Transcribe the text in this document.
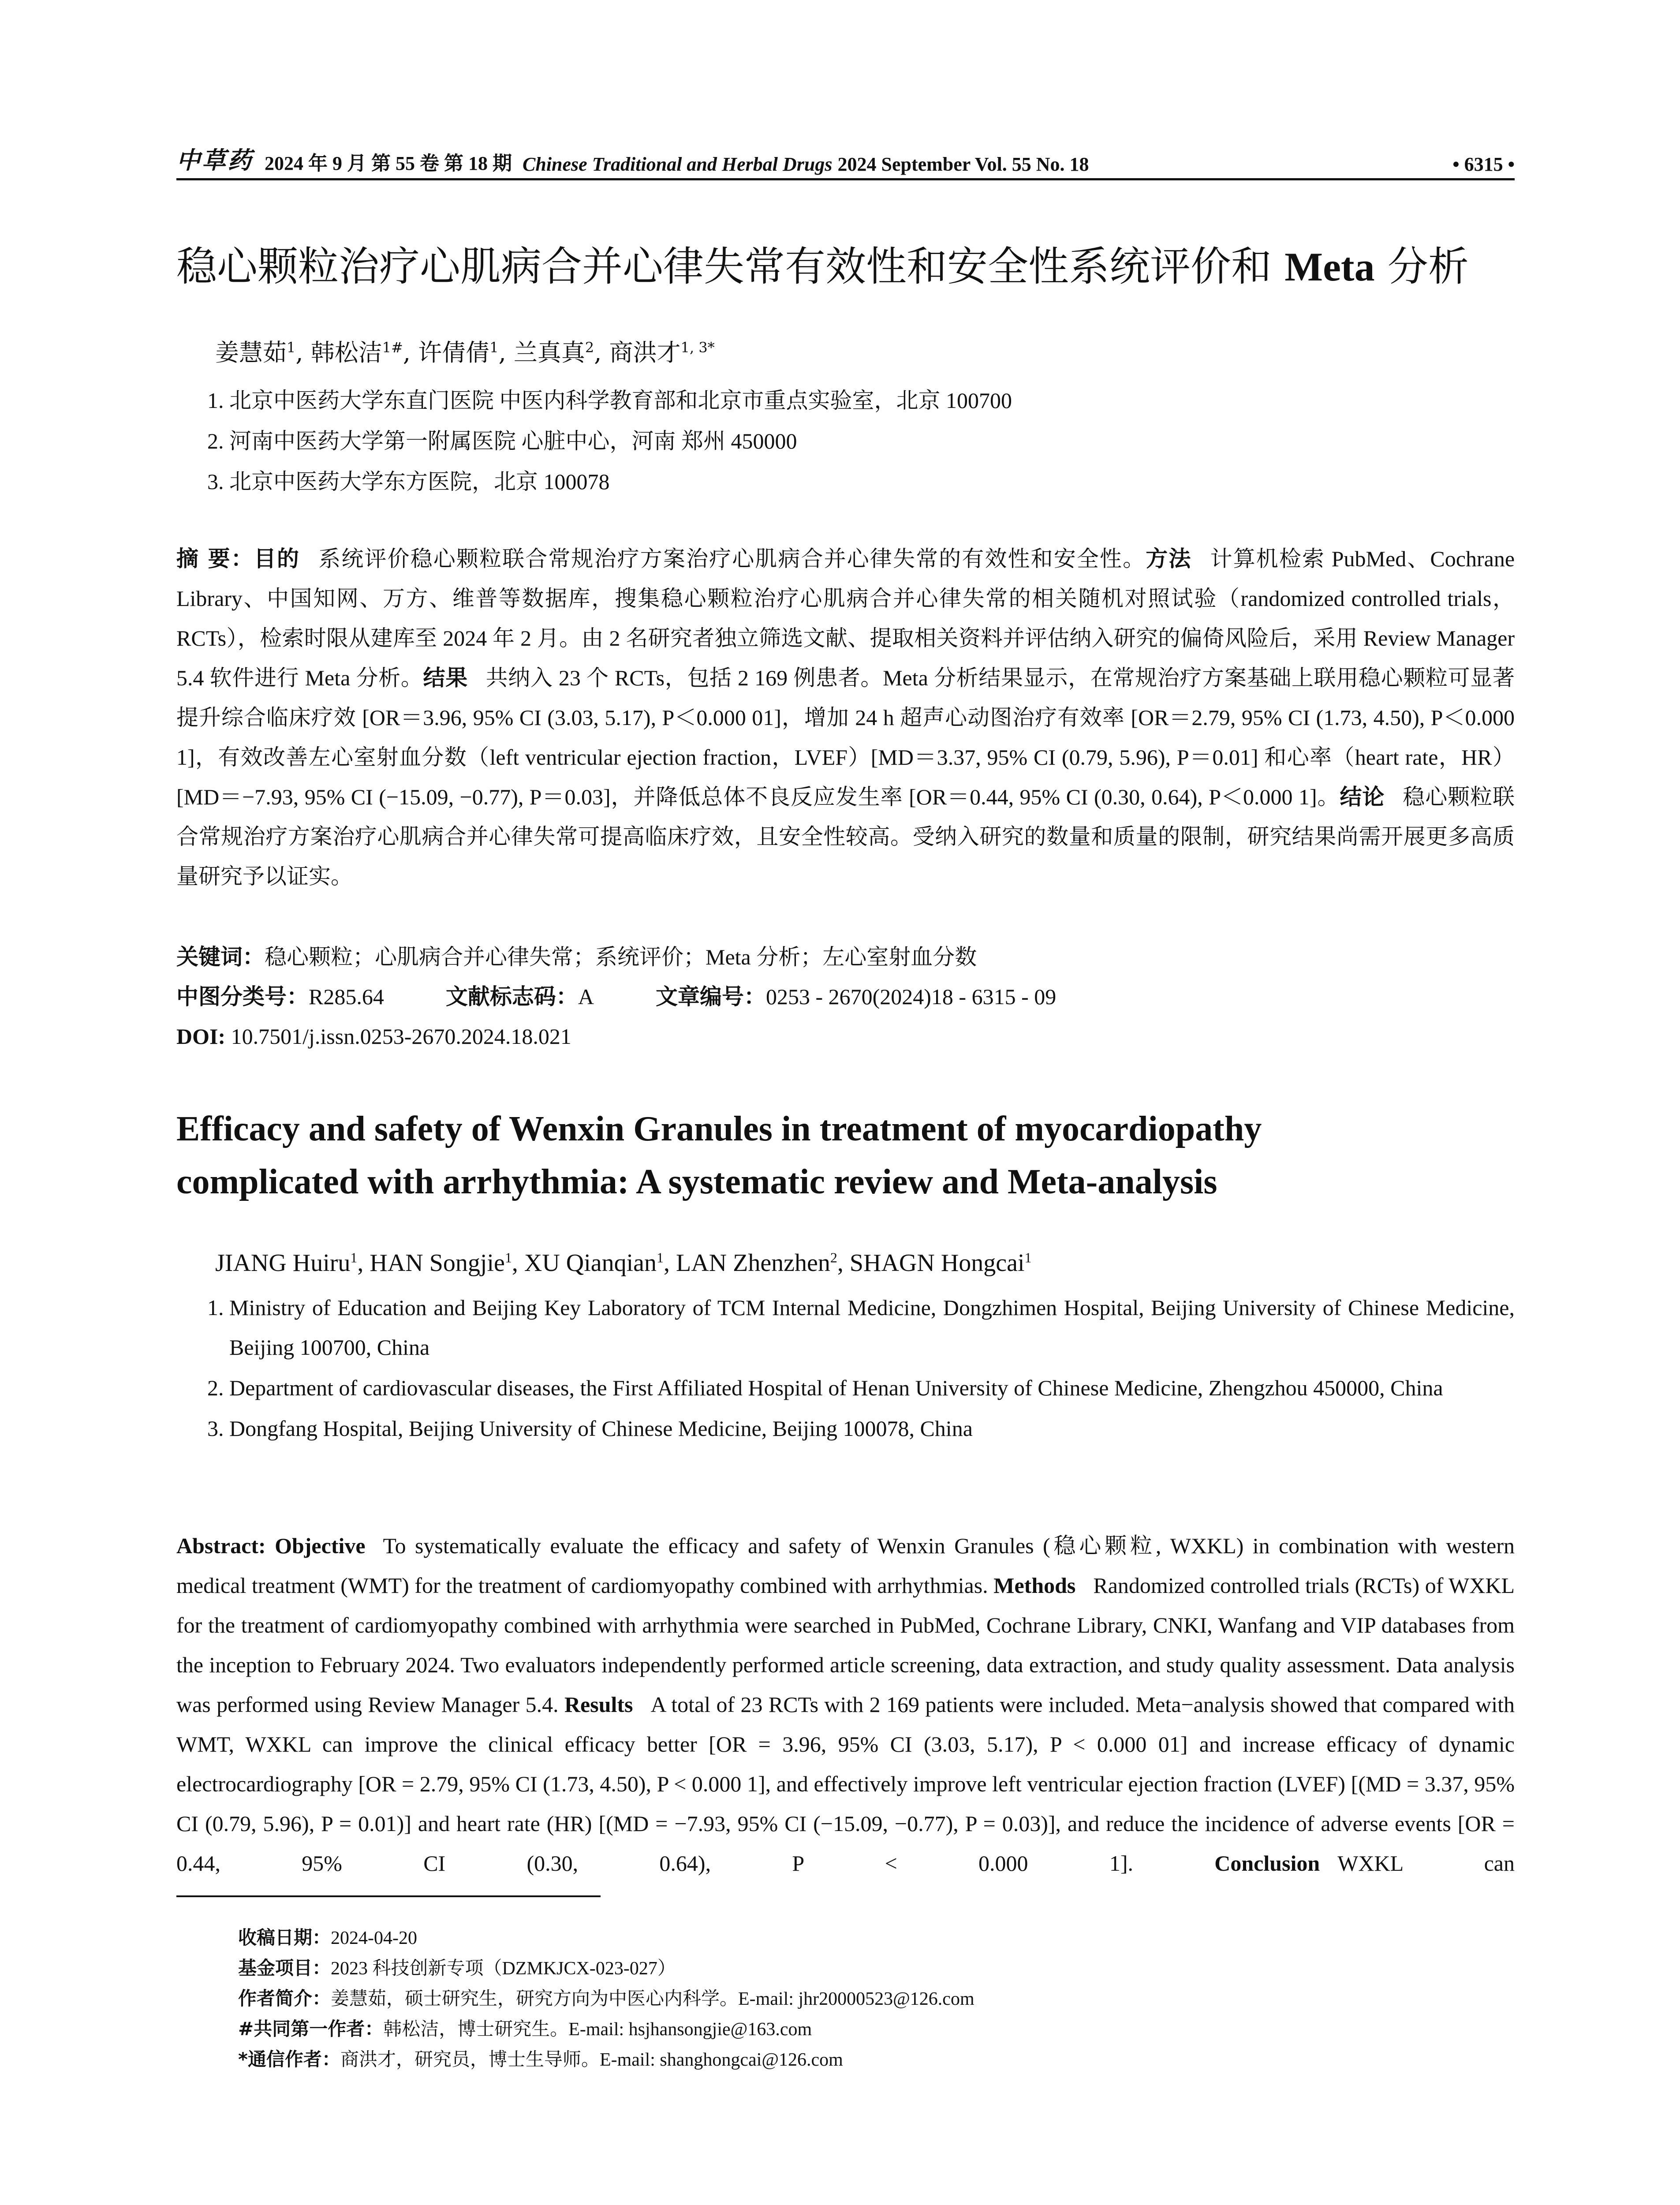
中草药 2024 年 9 月 第 55 卷 第 18 期 Chinese Traditional and Herbal Drugs 2024 September Vol. 55 No. 18	• 6315 •
稳心颗粒治疗心肌病合并心律失常有效性和安全性系统评价和 Meta 分析
姜慧茹$^1$, 韩松洁$^{1\#}$, 许倩倩$^1$, 兰真真$^2$, 商洪才$^{1, 3*}$
1. 北京中医药大学东直门医院 中医内科学教育部和北京市重点实验室，北京 100700
2. 河南中医药大学第一附属医院 心脏中心，河南 郑州 450000
3. 北京中医药大学东方医院，北京 100078
摘 要：目的 系统评价稳心颗粒联合常规治疗方案治疗心肌病合并心律失常的有效性和安全性。方法 计算机检索 PubMed、Cochrane Library、中国知网、万方、维普等数据库，搜集稳心颗粒治疗心肌病合并心律失常的相关随机对照试验（randomized controlled trials，RCTs），检索时限从建库至 2024 年 2 月。由 2 名研究者独立筛选文献、提取相关资料并评估纳入研究的偏倚风险后，采用 Review Manager 5.4 软件进行 Meta 分析。结果 共纳入 23 个 RCTs，包括 2 169 例患者。Meta 分析结果显示，在常规治疗方案基础上联用稳心颗粒可显著提升综合临床疗效 [OR＝3.96, 95% CI (3.03, 5.17), P＜0.000 01]，增加 24 h 超声心动图治疗有效率 [OR＝2.79, 95% CI (1.73, 4.50), P＜0.000 1]，有效改善左心室射血分数（left ventricular ejection fraction，LVEF）[MD＝3.37, 95% CI (0.79, 5.96), P＝0.01] 和心率（heart rate，HR）[MD＝−7.93, 95% CI (−15.09, −0.77), P＝0.03]，并降低总体不良反应发生率 [OR＝0.44, 95% CI (0.30, 0.64), P＜0.000 1]。结论 稳心颗粒联合常规治疗方案治疗心肌病合并心律失常可提高临床疗效，且安全性较高。受纳入研究的数量和质量的限制，研究结果尚需开展更多高质量研究予以证实。
关键词：稳心颗粒；心肌病合并心律失常；系统评价；Meta 分析；左心室射血分数
中图分类号：R285.64	文献标志码：A	文章编号：0253 - 2670(2024)18 - 6315 - 09
DOI: 10.7501/j.issn.0253-2670.2024.18.021
Efficacy and safety of Wenxin Granules in treatment of myocardiopathy
complicated with arrhythmia: A systematic review and Meta-analysis
JIANG Huiru$^1$, HAN Songjie$^1$, XU Qianqian$^1$, LAN Zhenzhen$^2$, SHAGN Hongcai$^1$
1. Ministry of Education and Beijing Key Laboratory of TCM Internal Medicine, Dongzhimen Hospital, Beijing University of Chinese Medicine, Beijing 100700, China
2. Department of cardiovascular diseases, the First Affiliated Hospital of Henan University of Chinese Medicine, Zhengzhou 450000, China
3. Dongfang Hospital, Beijing University of Chinese Medicine, Beijing 100078, China
Abstract: Objective To systematically evaluate the efficacy and safety of Wenxin Granules (稳心颗粒, WXKL) in combination with western medical treatment (WMT) for the treatment of cardiomyopathy combined with arrhythmias. Methods Randomized controlled trials (RCTs) of WXKL for the treatment of cardiomyopathy combined with arrhythmia were searched in PubMed, Cochrane Library, CNKI, Wanfang and VIP databases from the inception to February 2024. Two evaluators independently performed article screening, data extraction, and study quality assessment. Data analysis was performed using Review Manager 5.4. Results A total of 23 RCTs with 2 169 patients were included. Meta−analysis showed that compared with WMT, WXKL can improve the clinical efficacy better [OR = 3.96, 95% CI (3.03, 5.17), P < 0.000 01] and increase efficacy of dynamic electrocardiography [OR = 2.79, 95% CI (1.73, 4.50), P < 0.000 1], and effectively improve left ventricular ejection fraction (LVEF) [(MD = 3.37, 95% CI (0.79, 5.96), P = 0.01)] and heart rate (HR) [(MD = −7.93, 95% CI (−15.09, −0.77), P = 0.03)], and reduce the incidence of adverse events [OR = 0.44, 95% CI (0.30, 0.64), P < 0.000 1].	Conclusion WXKL can
收稿日期：2024-04-20
基金项目：2023 科技创新专项（DZMKJCX-023-027）
作者简介：姜慧茹，硕士研究生，研究方向为中医心内科学。E-mail: jhr20000523@126.com
#共同第一作者：韩松洁，博士研究生。E-mail: hsjhansongjie@163.com
*通信作者：商洪才，研究员，博士生导师。E-mail: shanghongcai@126.com
